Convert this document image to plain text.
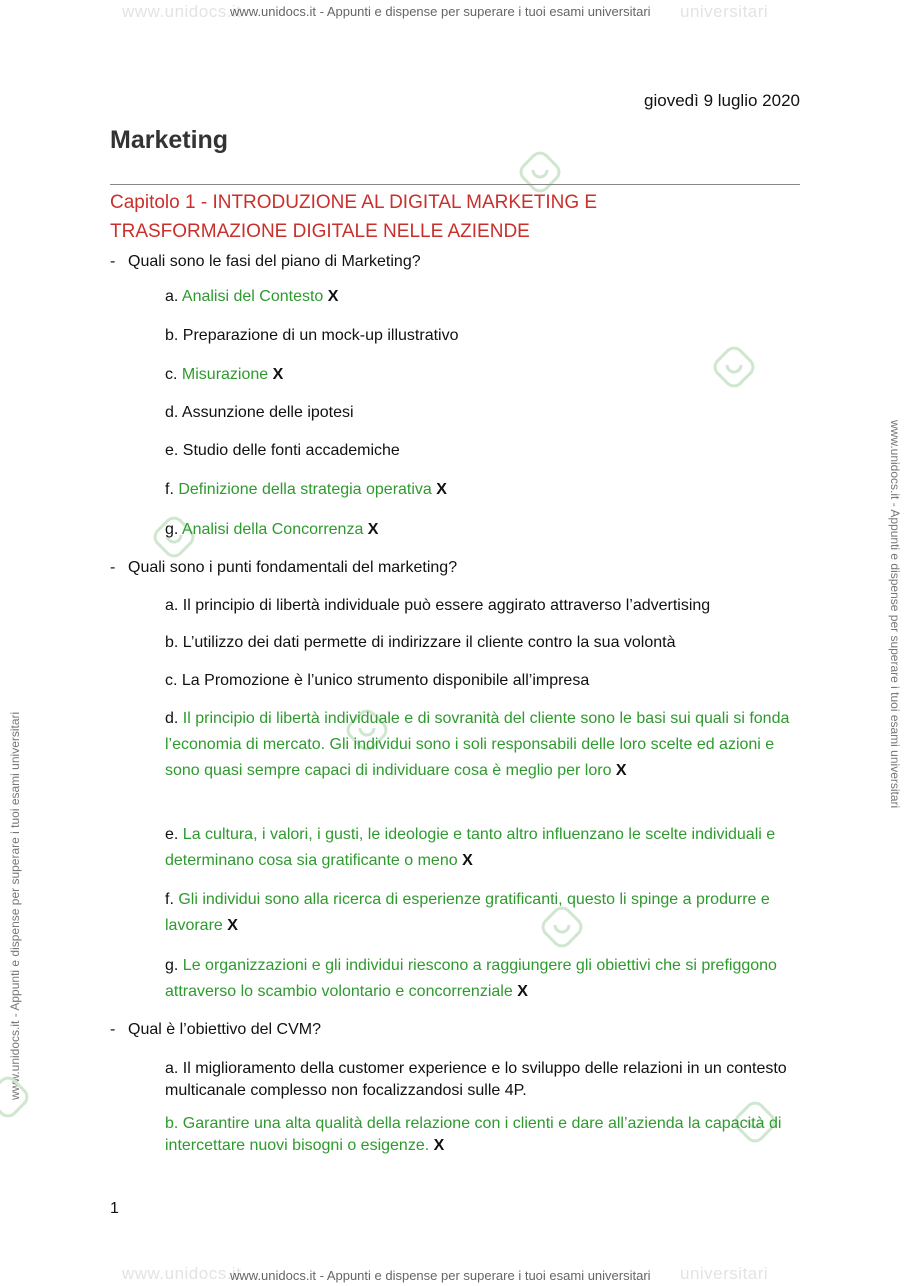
www.unidocs.it	universitari
www.unidocs.it - Appunti e dispense per superare i tuoi esami universitari
www.unidocs.it	universitari
www.unidocs.it - Appunti e dispense per superare i tuoi esami universitari
www.unidocs.it - Appunti e dispense per superare i tuoi esami universitari
www.unidocs.it - Appunti e dispense per superare i tuoi esami universitari
giovedì 9 luglio 2020
Marketing
Capitolo 1 - INTRODUZIONE AL DIGITAL MARKETING E TRASFORMAZIONE DIGITALE NELLE AZIENDE
- Quali sono le fasi del piano di Marketing?
a. Analisi del Contesto X
b. Preparazione di un mock-up illustrativo
c. Misurazione X
d. Assunzione delle ipotesi
e. Studio delle fonti accademiche
f. Definizione della strategia operativa X
g. Analisi della Concorrenza X
- Quali sono i punti fondamentali del marketing?
a. Il principio di libertà individuale può essere aggirato attraverso l’advertising
b. L’utilizzo dei dati permette di indirizzare il cliente contro la sua volontà
c. La Promozione è l’unico strumento disponibile all’impresa
d. Il principio di libertà individuale e di sovranità del cliente sono le basi sui quali si fonda l’economia di mercato. Gli individui sono i soli responsabili delle loro scelte ed azioni e sono quasi sempre capaci di individuare cosa è meglio per loro X
e. La cultura, i valori, i gusti, le ideologie e tanto altro influenzano le scelte individuali e determinano cosa sia gratificante o meno X
f. Gli individui sono alla ricerca di esperienze gratificanti, questo li spinge a produrre e lavorare X
g. Le organizzazioni e gli individui riescono a raggiungere gli obiettivi che si prefiggono attraverso lo scambio volontario e concorrenziale X
- Qual è l’obiettivo del CVM?
a. Il miglioramento della customer experience e lo sviluppo delle relazioni in un contesto multicanale complesso non focalizzandosi sulle 4P.
b. Garantire una alta qualità della relazione con i clienti e dare all’azienda la capacità di intercettare nuovi bisogni o esigenze. X
1
